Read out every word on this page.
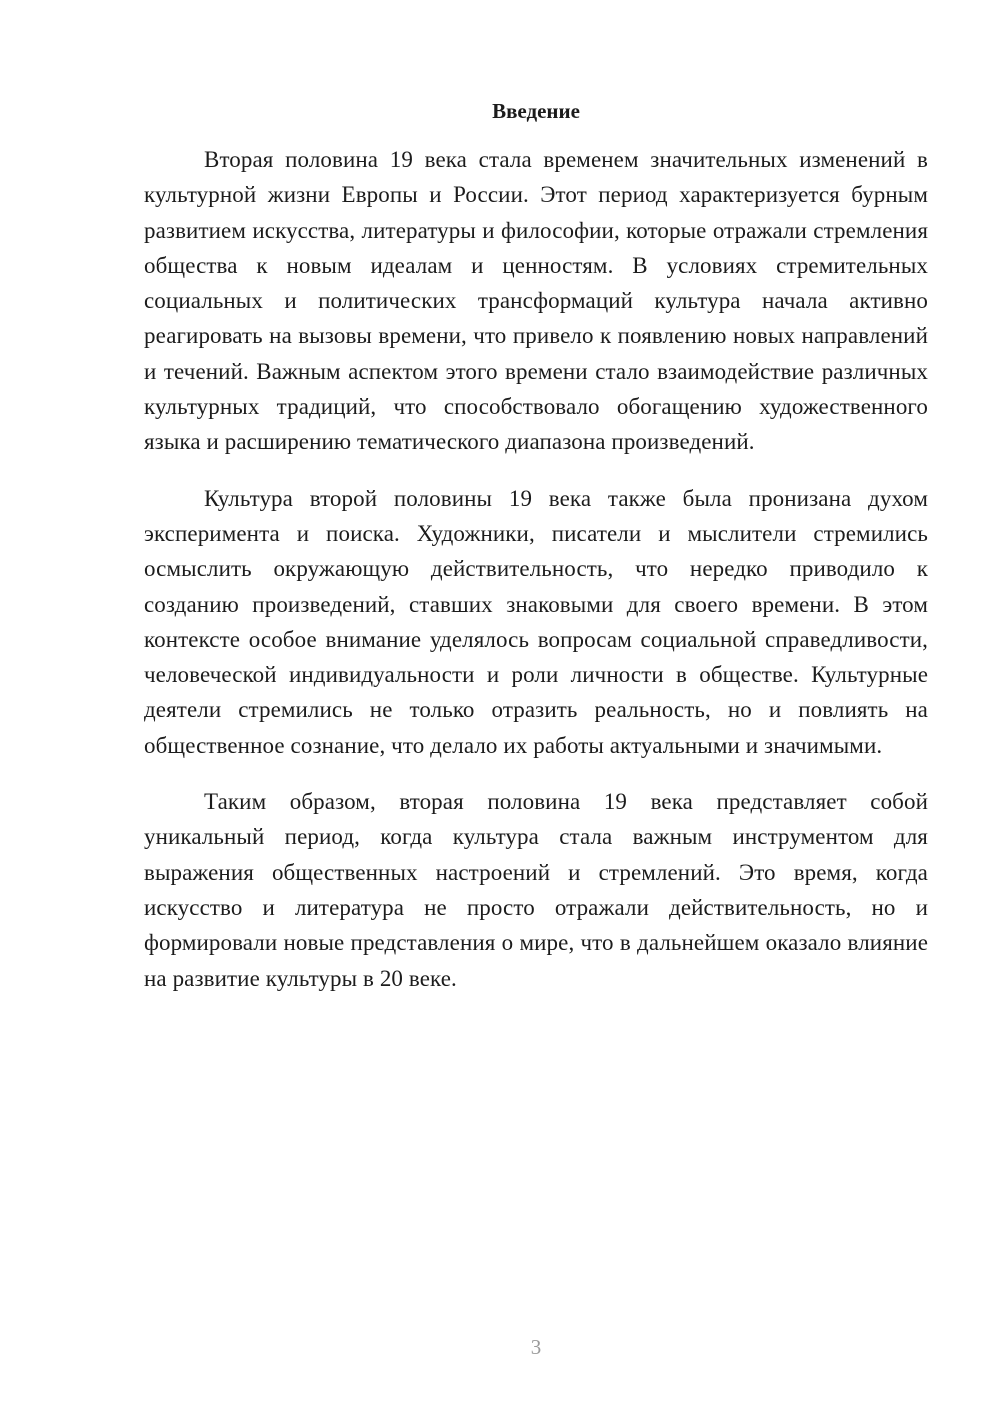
Введение

Вторая половина 19 века стала временем значительных изменений в культурной жизни Европы и России. Этот период характеризуется бурным развитием искусства, литературы и философии, которые отражали стремления общества к новым идеалам и ценностям. В условиях стремительных социальных и политических трансформаций культура начала активно реагировать на вызовы времени, что привело к появлению новых направлений и течений. Важным аспектом этого времени стало взаимодействие различных культурных традиций, что способствовало обогащению художественного языка и расширению тематического диапазона произведений.

Культура второй половины 19 века также была пронизана духом эксперимента и поиска. Художники, писатели и мыслители стремились осмыслить окружающую действительность, что нередко приводило к созданию произведений, ставших знаковыми для своего времени. В этом контексте особое внимание уделялось вопросам социальной справедливости, человеческой индивидуальности и роли личности в обществе. Культурные деятели стремились не только отразить реальность, но и повлиять на общественное сознание, что делало их работы актуальными и значимыми.

Таким образом, вторая половина 19 века представляет собой уникальный период, когда культура стала важным инструментом для выражения общественных настроений и стремлений. Это время, когда искусство и литература не просто отражали действительность, но и формировали новые представления о мире, что в дальнейшем оказало влияние на развитие культуры в 20 веке.

3
